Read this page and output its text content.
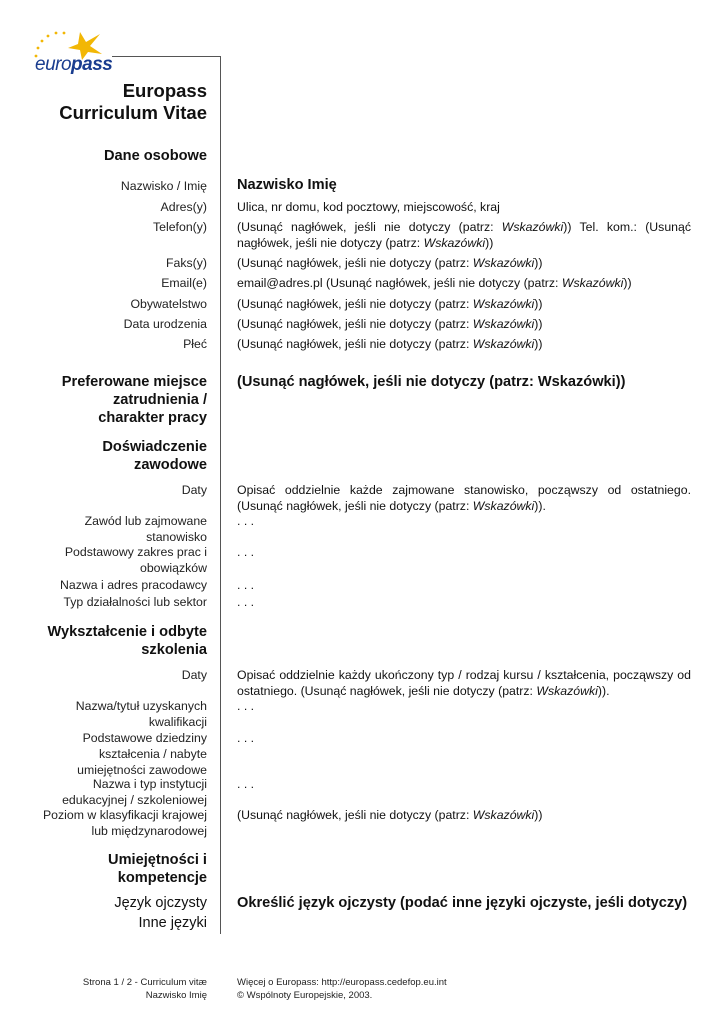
europass
Europass
Curriculum Vitae
Dane osobowe
Nazwisko / Imię Nazwisko Imię
Adres(y) Ulica, nr domu, kod pocztowy, miejscowość, kraj
Telefon(y) (Usunąć nagłówek, jeśli nie dotyczy (patrz: Wskazówki)) Tel. kom.: (Usunąć nagłówek, jeśli nie dotyczy (patrz: Wskazówki))
Faks(y) (Usunąć nagłówek, jeśli nie dotyczy (patrz: Wskazówki))
Email(e) email@adres.pl (Usunąć nagłówek, jeśli nie dotyczy (patrz: Wskazówki))
Obywatelstwo (Usunąć nagłówek, jeśli nie dotyczy (patrz: Wskazówki))
Data urodzenia (Usunąć nagłówek, jeśli nie dotyczy (patrz: Wskazówki))
Płeć (Usunąć nagłówek, jeśli nie dotyczy (patrz: Wskazówki))
Preferowane miejsce
zatrudnienia /
charakter pracy
(Usunąć nagłówek, jeśli nie dotyczy (patrz: Wskazówki))
Doświadczenie
zawodowe
Daty Opisać oddzielnie każde zajmowane stanowisko, począwszy od ostatniego. (Usunąć nagłówek, jeśli nie dotyczy (patrz: Wskazówki)).
Zawód lub zajmowane
stanowisko
. . .
Podstawowy zakres prac i
obowiązków
. . .
Nazwa i adres pracodawcy . . .
Typ działalności lub sektor . . .
Wykształcenie i odbyte
szkolenia
Daty Opisać oddzielnie każdy ukończony typ / rodzaj kursu / kształcenia, począwszy od ostatniego. (Usunąć nagłówek, jeśli nie dotyczy (patrz: Wskazówki)).
Nazwa/tytuł uzyskanych
kwalifikacji
. . .
Podstawowe dziedziny
kształcenia / nabyte
umiejętności zawodowe
. . .
Nazwa i typ instytucji
edukacyjnej / szkoleniowej
. . .
Poziom w klasyfikacji krajowej
lub międzynarodowej
(Usunąć nagłówek, jeśli nie dotyczy (patrz: Wskazówki))
Umiejętności i
kompetencje
Język ojczysty Określić język ojczysty (podać inne języki ojczyste, jeśli dotyczy)
Inne języki
Strona 1 / 2 - Curriculum vitæ
Nazwisko Imię
Więcej o Europass: http://europass.cedefop.eu.int
© Wspólnoty Europejskie, 2003.
